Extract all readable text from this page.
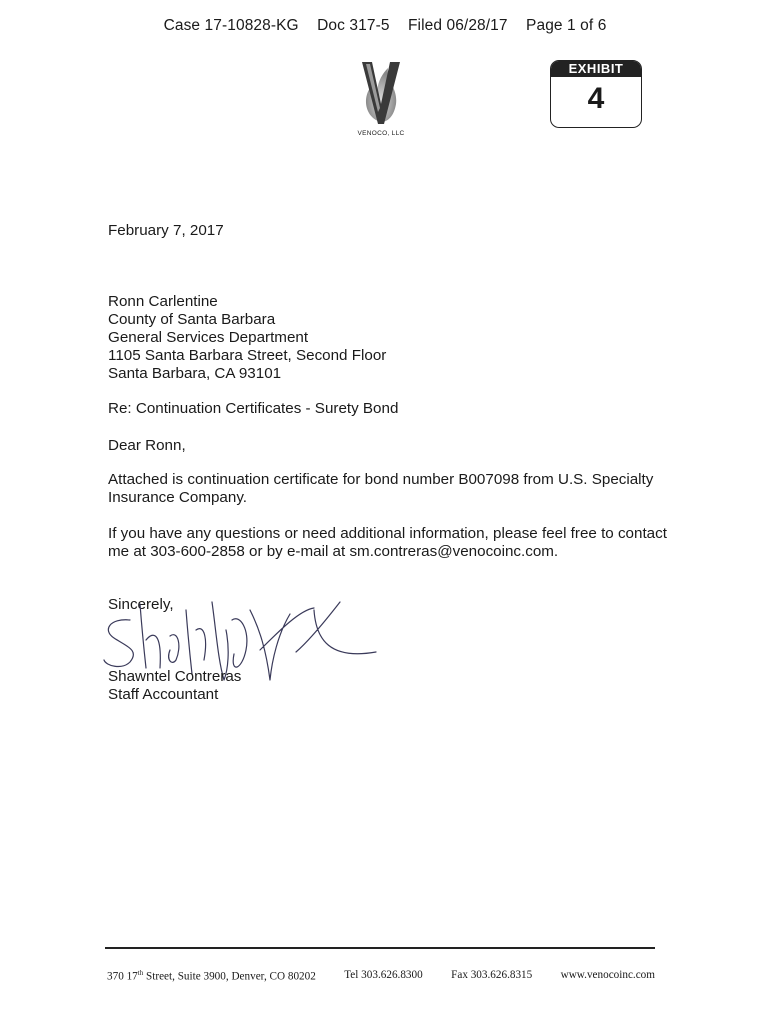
Case 17-10828-KG Doc 317-5 Filed 06/28/17 Page 1 of 6
VENOCO, LLC
EXHIBIT
4
February 7, 2017
Ronn Carlentine
County of Santa Barbara
General Services Department
1105 Santa Barbara Street, Second Floor
Santa Barbara, CA 93101
Re: Continuation Certificates - Surety Bond
Dear Ronn,
Attached is continuation certificate for bond number B007098 from U.S. Specialty Insurance Company.
If you have any questions or need additional information, please feel free to contact me at 303-600-2858 or by e-mail at sm.contreras@venocoinc.com.
Sincerely,
Shawntel Contreras
Staff Accountant
370 17th Street, Suite 3900, Denver, CO 80202	Tel 303.626.8300	Fax 303.626.8315	www.venocoinc.com
